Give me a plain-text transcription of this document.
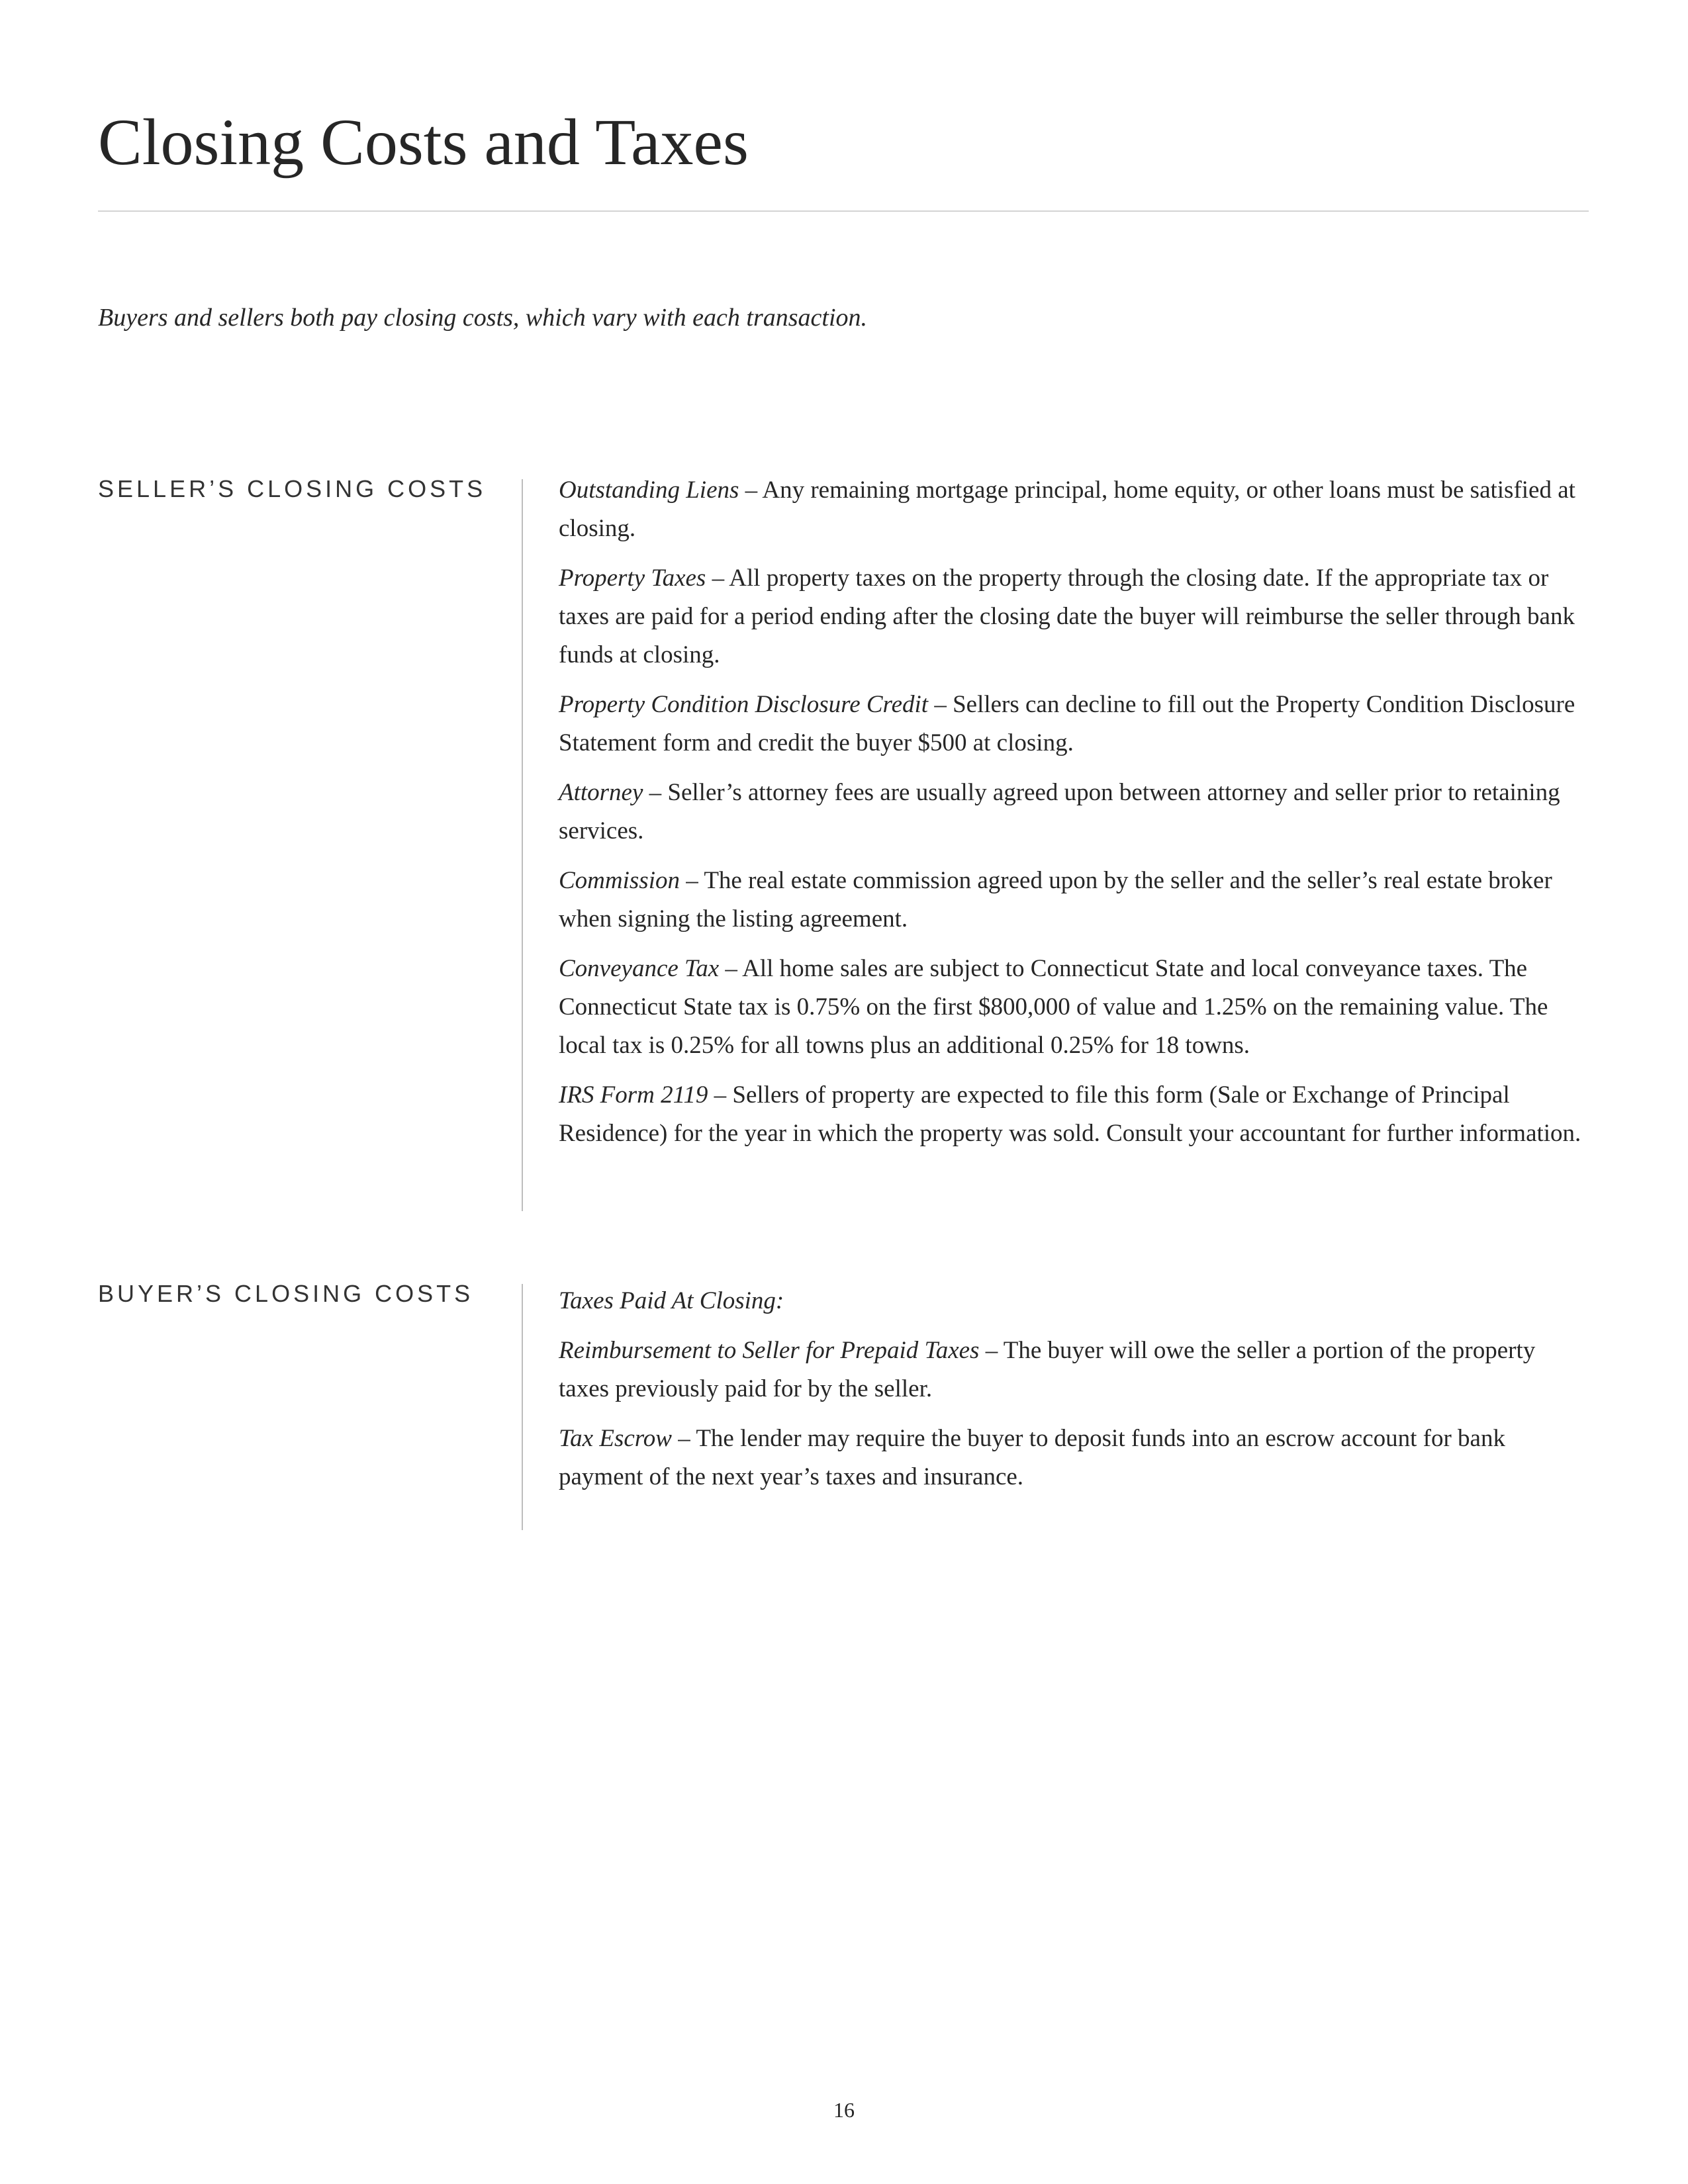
Closing Costs and Taxes

Buyers and sellers both pay closing costs, which vary with each transaction.

SELLER’S CLOSING COSTS	Outstanding Liens – Any remaining mortgage principal, home equity, or other loans must be satisfied at closing.

Property Taxes – All property taxes on the property through the closing date. If the appropriate tax or taxes are paid for a period ending after the closing date the buyer will reimburse the seller through bank funds at closing.

Property Condition Disclosure Credit – Sellers can decline to fill out the Property Condition Disclosure Statement form and credit the buyer $500 at closing.

Attorney – Seller’s attorney fees are usually agreed upon between attorney and seller prior to retaining services.

Commission – The real estate commission agreed upon by the seller and the seller’s real estate broker when signing the listing agreement.

Conveyance Tax – All home sales are subject to Connecticut State and local conveyance taxes. The Connecticut State tax is 0.75% on the first $800,000 of value and 1.25% on the remaining value. The local tax is 0.25% for all towns plus an additional 0.25% for 18 towns.

IRS Form 2119 – Sellers of property are expected to file this form (Sale or Exchange of Principal Residence) for the year in which the property was sold. Consult your accountant for further information.

BUYER’S CLOSING COSTS	Taxes Paid At Closing:

Reimbursement to Seller for Prepaid Taxes – The buyer will owe the seller a portion of the property taxes previously paid for by the seller.

Tax Escrow – The lender may require the buyer to deposit funds into an escrow account for bank payment of the next year’s taxes and insurance.

16
